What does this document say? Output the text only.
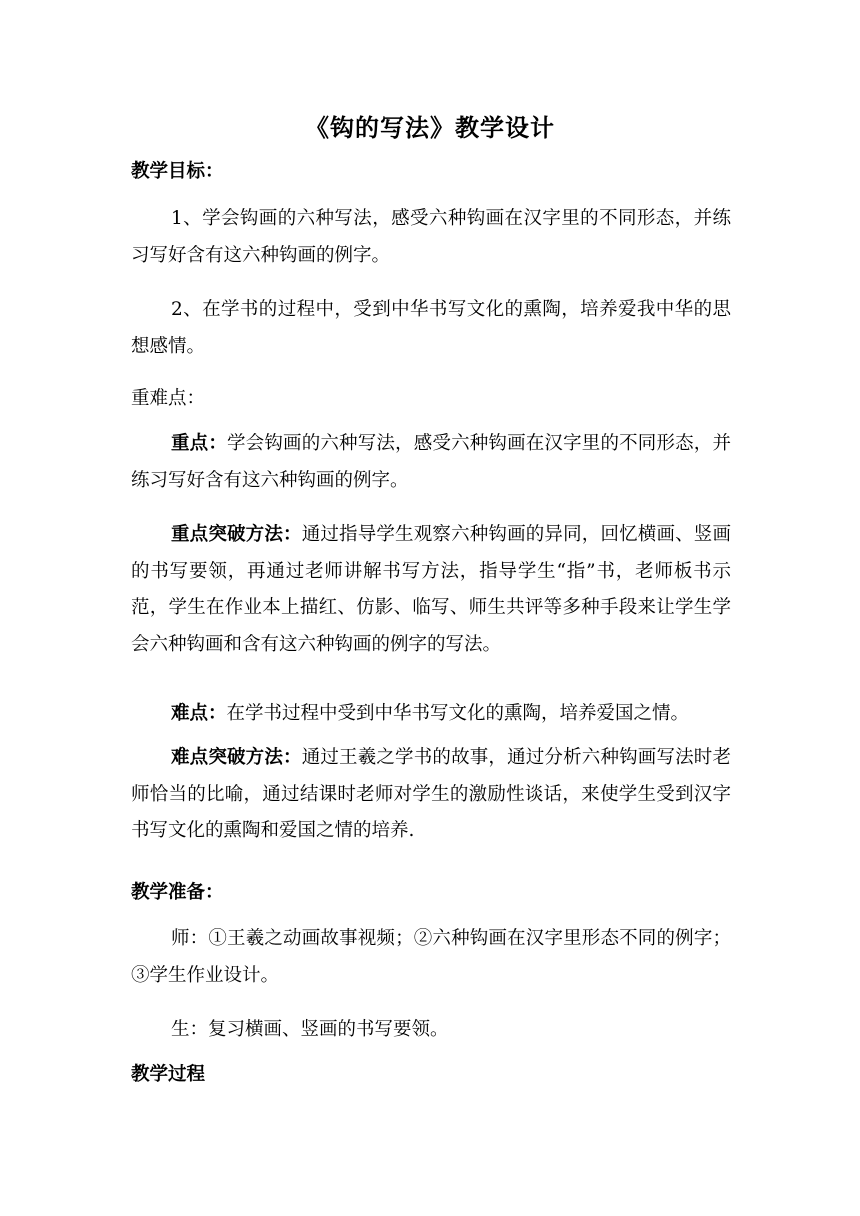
《钩的写法》教学设计
教学目标：
1、学会钩画的六种写法，感受六种钩画在汉字里的不同形态，并练习写好含有这六种钩画的例字。
2、在学书的过程中，受到中华书写文化的熏陶，培养爱我中华的思想感情。
重难点：
重点：学会钩画的六种写法，感受六种钩画在汉字里的不同形态，并练习写好含有这六种钩画的例字。
重点突破方法：通过指导学生观察六种钩画的异同，回忆横画、竖画的书写要领，再通过老师讲解书写方法，指导学生“指”书，老师板书示范，学生在作业本上描红、仿影、临写、师生共评等多种手段来让学生学会六种钩画和含有这六种钩画的例字的写法。
难点：在学书过程中受到中华书写文化的熏陶，培养爱国之情。
难点突破方法：通过王羲之学书的故事，通过分析六种钩画写法时老师恰当的比喻，通过结课时老师对学生的激励性谈话，来使学生受到汉字书写文化的熏陶和爱国之情的培养.
教学准备：
师：①王羲之动画故事视频；②六种钩画在汉字里形态不同的例字；③学生作业设计。
生：复习横画、竖画的书写要领。
教学过程
